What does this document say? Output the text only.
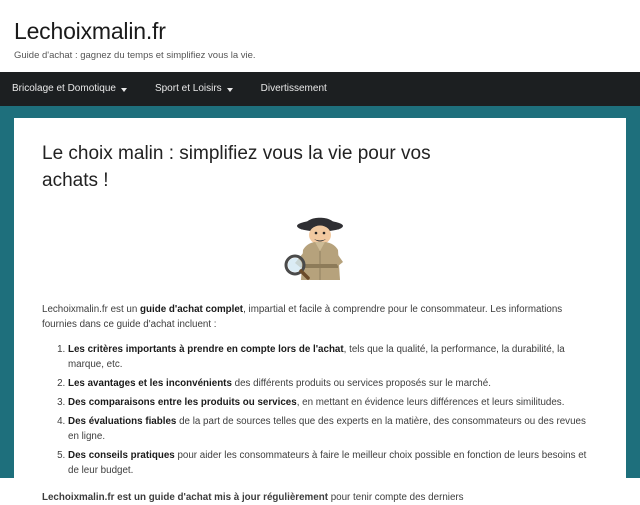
Lechoixmalin.fr

Guide d'achat : gagnez du temps et simplifiez vous la vie.

Bricolage et Domotique	Sport et Loisirs	Divertissement
Le choix malin : simplifiez vous la vie pour vos achats !

Lechoixmalin.fr est un guide d'achat complet, impartial et facile à comprendre pour le consommateur. Les informations fournies dans ce guide d'achat incluent :

1. Les critères importants à prendre en compte lors de l'achat, tels que la qualité, la performance, la durabilité, la marque, etc.
2. Les avantages et les inconvénients des différents produits ou services proposés sur le marché.
3. Des comparaisons entre les produits ou services, en mettant en évidence leurs différences et leurs similitudes.
4. Des évaluations fiables de la part de sources telles que des experts en la matière, des consommateurs ou des revues en ligne.
5. Des conseils pratiques pour aider les consommateurs à faire le meilleur choix possible en fonction de leurs besoins et de leur budget.

Lechoixmalin.fr est un guide d'achat mis à jour régulièrement pour tenir compte des derniers
